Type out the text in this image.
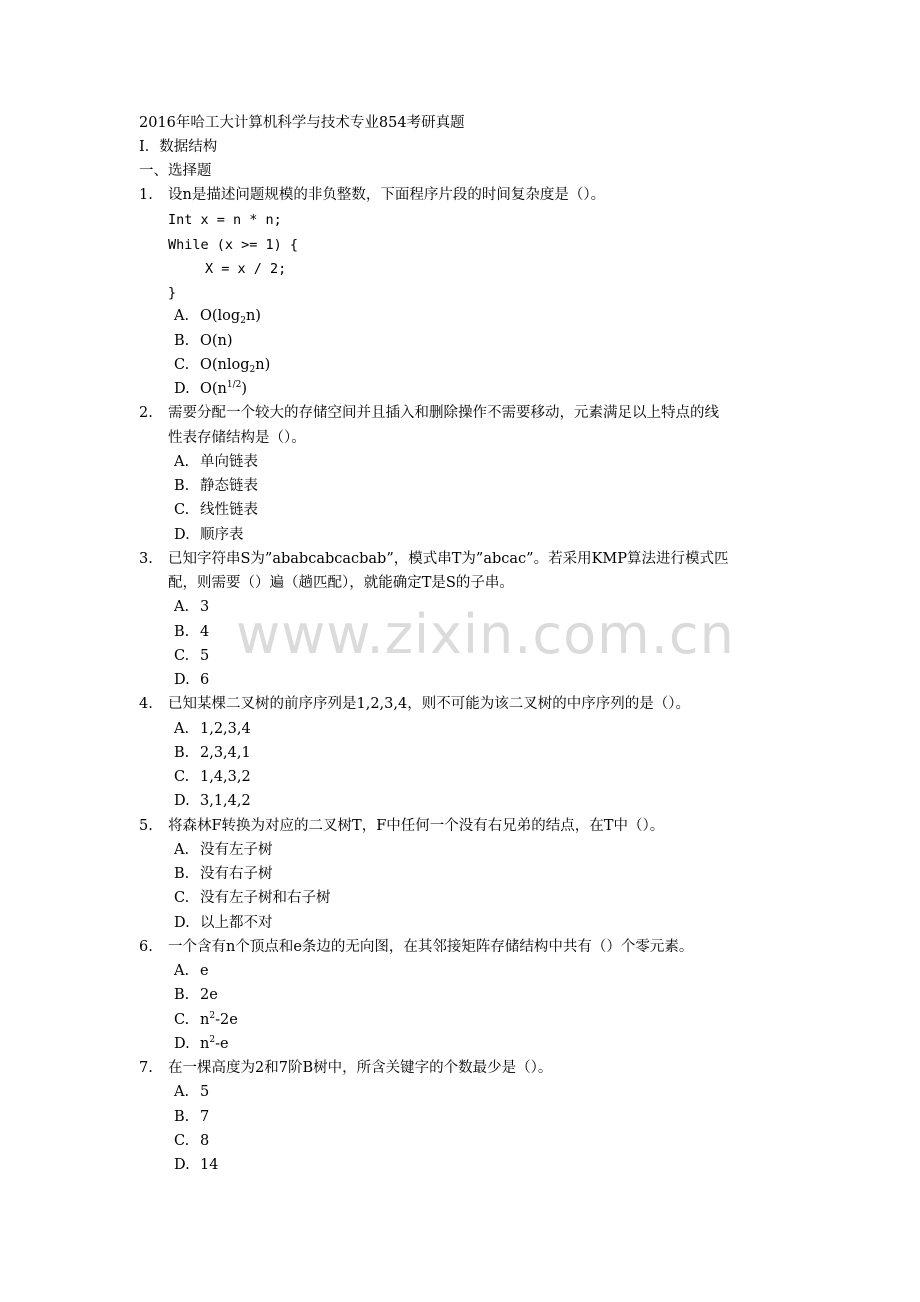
www.zixin.com.cn
2016年哈工大计算机科学与技术专业854考研真题
I．数据结构
一、选择题
1. 设n是描述问题规模的非负整数，下面程序片段的时间复杂度是（）。
Int x = n * n;
While (x >= 1) {
X = x / 2;
}
A. $O(\log_2n)$
B. O(n)
C. O(nlog$_2$n)
D. $O(n^{1/2})$
2. 需要分配一个较大的存储空间并且插入和删除操作不需要移动，元素满足以上特点的线
性表存储结构是（）。
A. 单向链表
B. 静态链表
C. 线性链表
D. 顺序表
3. 已知字符串S为”ababcabcacbab”，模式串T为”abcac”。若采用KMP算法进行模式匹
配，则需要（）遍（趟匹配），就能确定T是S的子串。
A. 3
B. 4
C. 5
D. 6
4. 已知某棵二叉树的前序序列是1,2,3,4，则不可能为该二叉树的中序序列的是（）。
A. 1,2,3,4
B. 2,3,4,1
C. 1,4,3,2
D. 3,1,4,2
5. 将森林F转换为对应的二叉树T，F中任何一个没有右兄弟的结点，在T中（）。
A. 没有左子树
B. 没有右子树
C. 没有左子树和右子树
D. 以上都不对
6. 一个含有n个顶点和e条边的无向图，在其邻接矩阵存储结构中共有（）个零元素。
A. e
B. 2e
C. $n^2-2e$
D. $n^2-e$
7. 在一棵高度为2和7阶B树中，所含关键字的个数最少是（）。
A. 5
B. 7
C. 8
D. 14
